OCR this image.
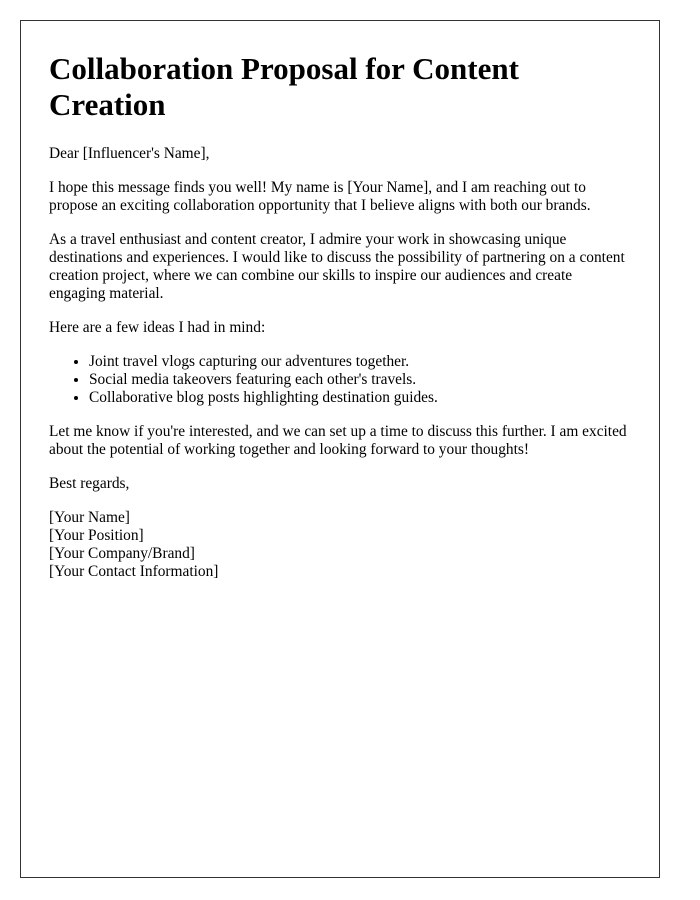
Collaboration Proposal for Content Creation

Dear [Influencer's Name],

I hope this message finds you well! My name is [Your Name], and I am reaching out to propose an exciting collaboration opportunity that I believe aligns with both our brands.

As a travel enthusiast and content creator, I admire your work in showcasing unique destinations and experiences. I would like to discuss the possibility of partnering on a content creation project, where we can combine our skills to inspire our audiences and create engaging material.

Here are a few ideas I had in mind:

• Joint travel vlogs capturing our adventures together.
• Social media takeovers featuring each other's travels.
• Collaborative blog posts highlighting destination guides.

Let me know if you're interested, and we can set up a time to discuss this further. I am excited about the potential of working together and looking forward to your thoughts!

Best regards,

[Your Name]

[Your Position]

[Your Company/Brand]

[Your Contact Information]
